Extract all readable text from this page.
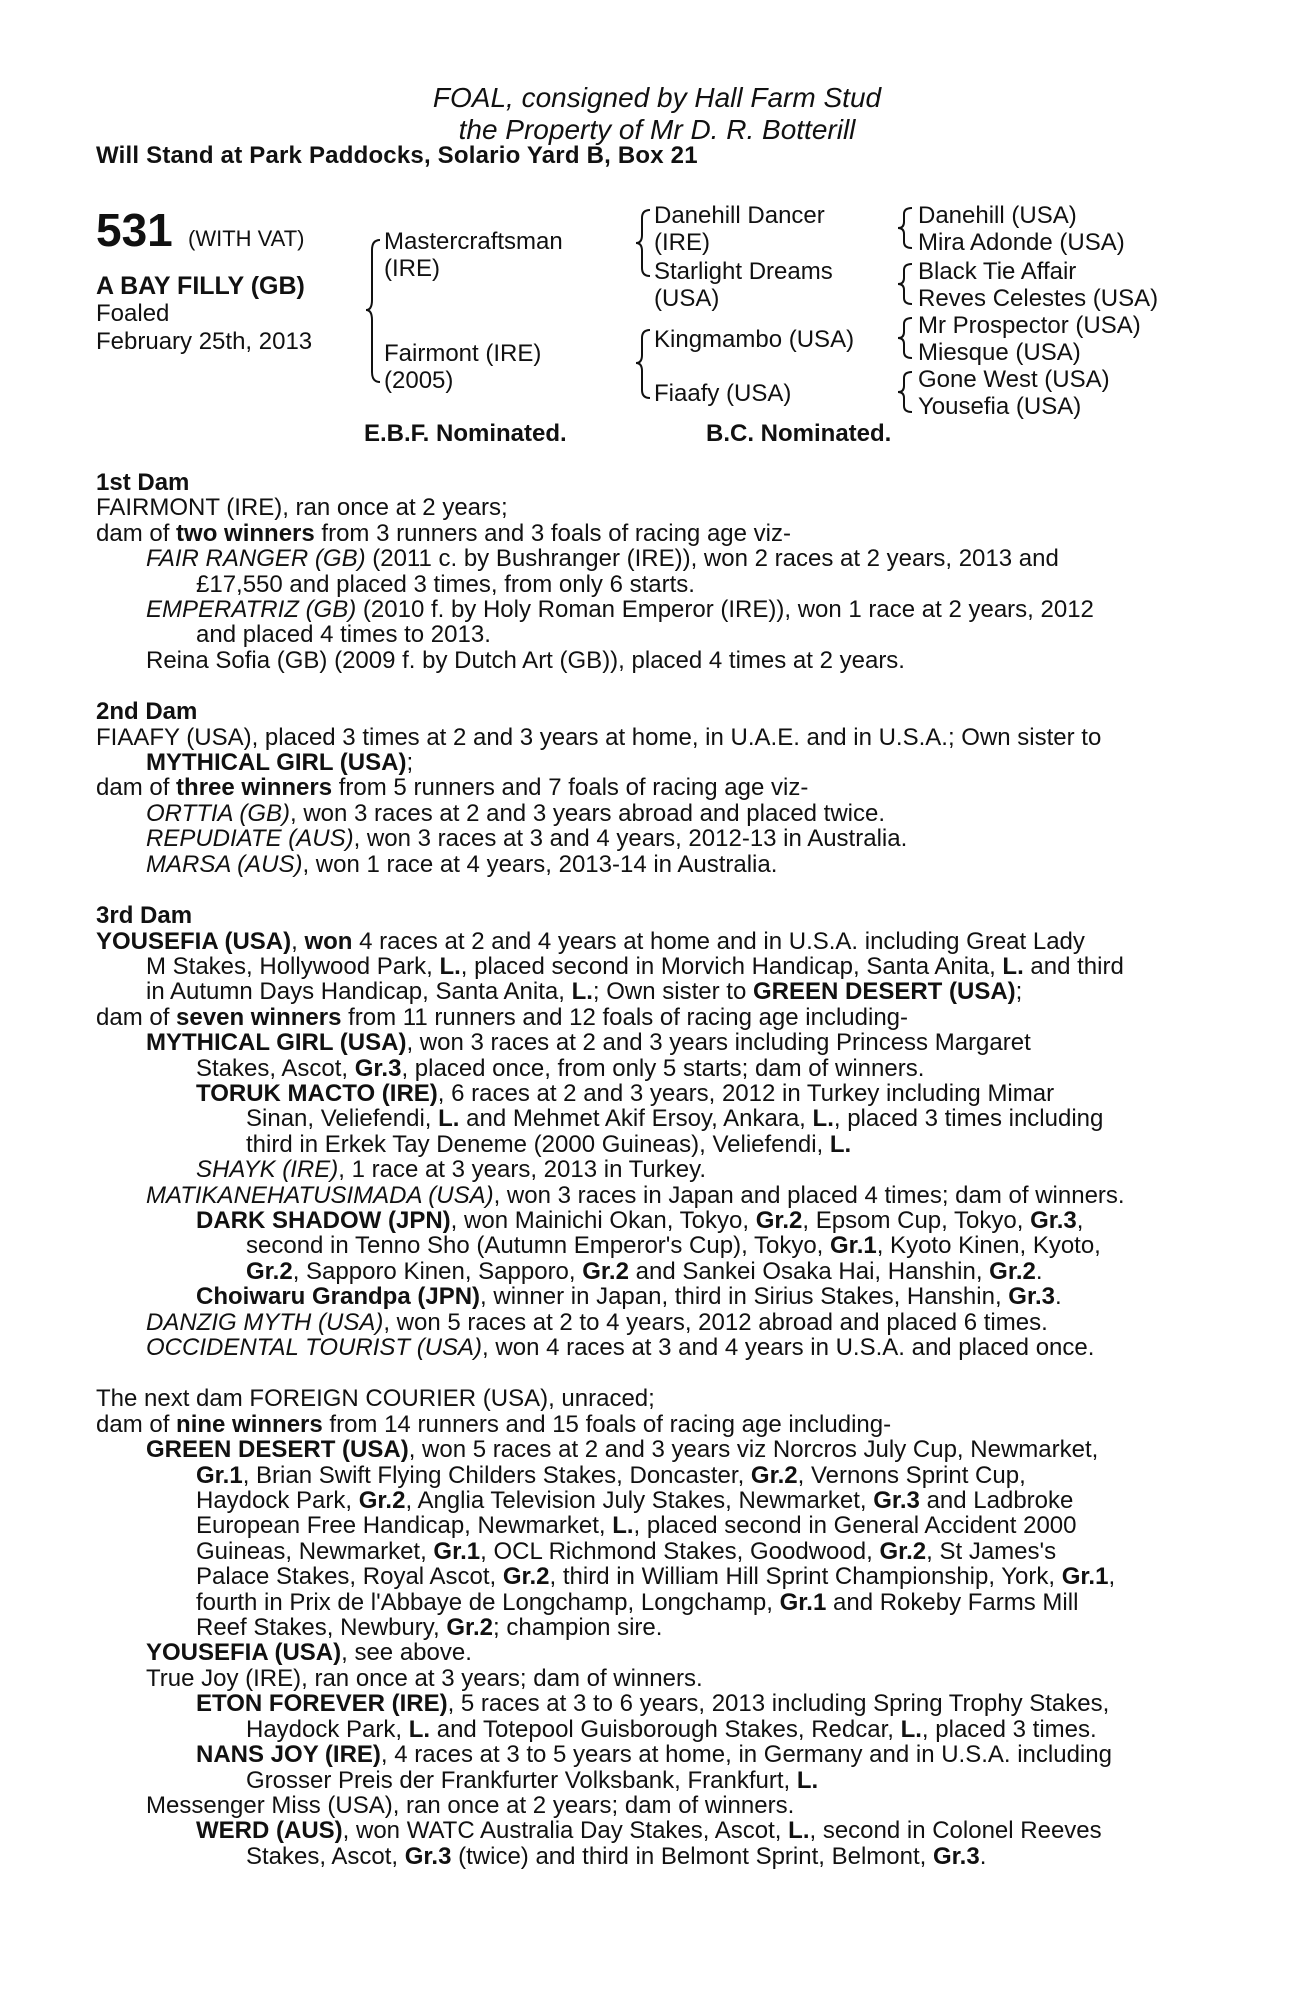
FOAL, consigned by Hall Farm Stud
the Property of Mr D. R. Botterill
Will Stand at Park Paddocks, Solario Yard B, Box 21
531 (WITH VAT)
A BAY FILLY (GB)
Foaled
February 25th, 2013
Mastercraftsman
(IRE)
Fairmont (IRE)
(2005)
Danehill Dancer
(IRE)
Starlight Dreams
(USA)
Kingmambo (USA)
Fiaafy (USA)
Danehill (USA)
Mira Adonde (USA)
Black Tie Affair
Reves Celestes (USA)
Mr Prospector (USA)
Miesque (USA)
Gone West (USA)
Yousefia (USA)
E.B.F. Nominated.	B.C. Nominated.

1st Dam

FAIRMONT (IRE), ran once at 2 years;

dam of two winners from 3 runners and 3 foals of racing age viz-

FAIR RANGER (GB) (2011 c. by Bushranger (IRE)), won 2 races at 2 years, 2013 and

£17,550 and placed 3 times, from only 6 starts.

EMPERATRIZ (GB) (2010 f. by Holy Roman Emperor (IRE)), won 1 race at 2 years, 2012

and placed 4 times to 2013.

Reina Sofia (GB) (2009 f. by Dutch Art (GB)), placed 4 times at 2 years.

2nd Dam

FIAAFY (USA), placed 3 times at 2 and 3 years at home, in U.A.E. and in U.S.A.; Own sister to

MYTHICAL GIRL (USA);

dam of three winners from 5 runners and 7 foals of racing age viz-

ORTTIA (GB), won 3 races at 2 and 3 years abroad and placed twice.

REPUDIATE (AUS), won 3 races at 3 and 4 years, 2012-13 in Australia.

MARSA (AUS), won 1 race at 4 years, 2013-14 in Australia.

3rd Dam

YOUSEFIA (USA), won 4 races at 2 and 4 years at home and in U.S.A. including Great Lady

M Stakes, Hollywood Park, L., placed second in Morvich Handicap, Santa Anita, L. and third

in Autumn Days Handicap, Santa Anita, L.; Own sister to GREEN DESERT (USA);

dam of seven winners from 11 runners and 12 foals of racing age including-

MYTHICAL GIRL (USA), won 3 races at 2 and 3 years including Princess Margaret

Stakes, Ascot, Gr.3, placed once, from only 5 starts; dam of winners.

TORUK MACTO (IRE), 6 races at 2 and 3 years, 2012 in Turkey including Mimar

Sinan, Veliefendi, L. and Mehmet Akif Ersoy, Ankara, L., placed 3 times including

third in Erkek Tay Deneme (2000 Guineas), Veliefendi, L.

SHAYK (IRE), 1 race at 3 years, 2013 in Turkey.

MATIKANEHATUSIMADA (USA), won 3 races in Japan and placed 4 times; dam of winners.

DARK SHADOW (JPN), won Mainichi Okan, Tokyo, Gr.2, Epsom Cup, Tokyo, Gr.3,

second in Tenno Sho (Autumn Emperor's Cup), Tokyo, Gr.1, Kyoto Kinen, Kyoto,

Gr.2, Sapporo Kinen, Sapporo, Gr.2 and Sankei Osaka Hai, Hanshin, Gr.2.

Choiwaru Grandpa (JPN), winner in Japan, third in Sirius Stakes, Hanshin, Gr.3.

DANZIG MYTH (USA), won 5 races at 2 to 4 years, 2012 abroad and placed 6 times.

OCCIDENTAL TOURIST (USA), won 4 races at 3 and 4 years in U.S.A. and placed once.

The next dam FOREIGN COURIER (USA), unraced;

dam of nine winners from 14 runners and 15 foals of racing age including-

GREEN DESERT (USA), won 5 races at 2 and 3 years viz Norcros July Cup, Newmarket,

Gr.1, Brian Swift Flying Childers Stakes, Doncaster, Gr.2, Vernons Sprint Cup,

Haydock Park, Gr.2, Anglia Television July Stakes, Newmarket, Gr.3 and Ladbroke

European Free Handicap, Newmarket, L., placed second in General Accident 2000

Guineas, Newmarket, Gr.1, OCL Richmond Stakes, Goodwood, Gr.2, St James's

Palace Stakes, Royal Ascot, Gr.2, third in William Hill Sprint Championship, York, Gr.1,

fourth in Prix de l'Abbaye de Longchamp, Longchamp, Gr.1 and Rokeby Farms Mill

Reef Stakes, Newbury, Gr.2; champion sire.

YOUSEFIA (USA), see above.

True Joy (IRE), ran once at 3 years; dam of winners.

ETON FOREVER (IRE), 5 races at 3 to 6 years, 2013 including Spring Trophy Stakes,

Haydock Park, L. and Totepool Guisborough Stakes, Redcar, L., placed 3 times.

NANS JOY (IRE), 4 races at 3 to 5 years at home, in Germany and in U.S.A. including

Grosser Preis der Frankfurter Volksbank, Frankfurt, L.

Messenger Miss (USA), ran once at 2 years; dam of winners.

WERD (AUS), won WATC Australia Day Stakes, Ascot, L., second in Colonel Reeves

Stakes, Ascot, Gr.3 (twice) and third in Belmont Sprint, Belmont, Gr.3.
